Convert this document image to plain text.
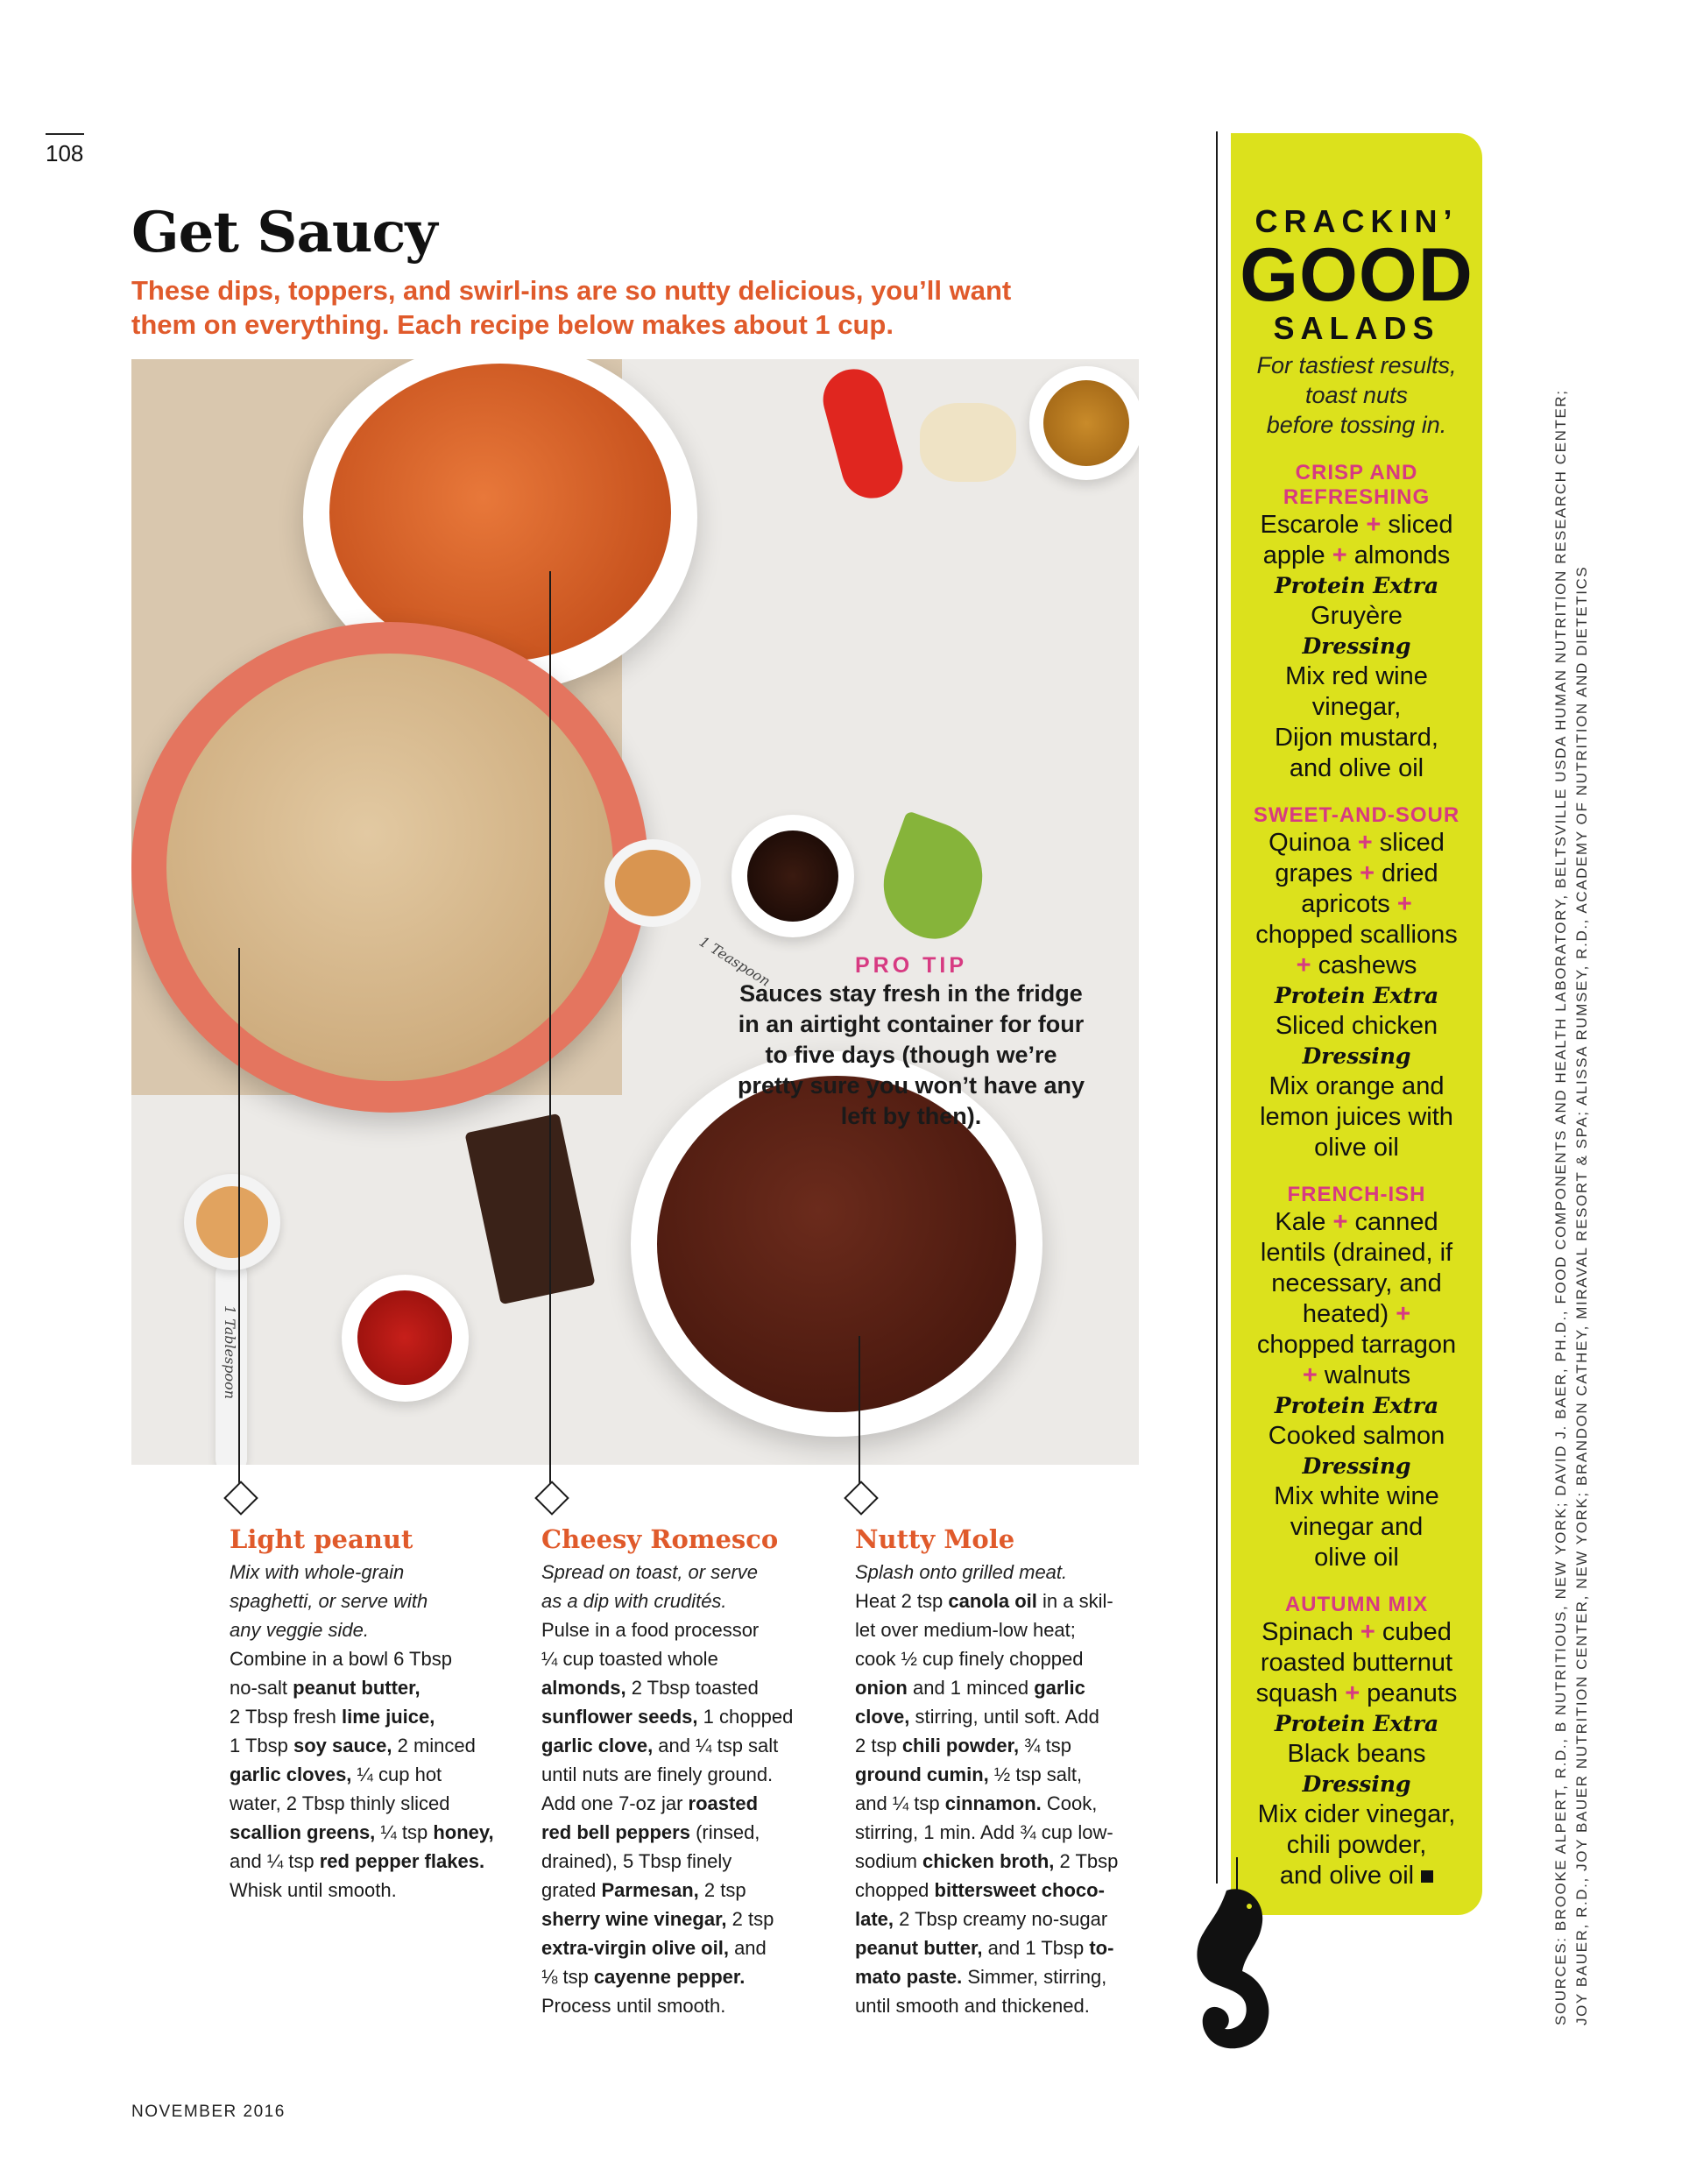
108
Get Saucy
These dips, toppers, and swirl-ins are so nutty delicious, you’ll want
them on everything. Each recipe below makes about 1 cup.
1 Teaspoon
1 Tablespoon
PRO TIP
Sauces stay fresh in the fridge
in an airtight container for four
to five days (though we’re
pretty sure you won’t have any
left by then).
Light peanut
Mix with whole-grain
spaghetti, or serve with
any veggie side.
Combine in a bowl 6 Tbsp
no-salt peanut butter,
2 Tbsp fresh lime juice,
1 Tbsp soy sauce, 2 minced
garlic cloves, ¼ cup hot
water, 2 Tbsp thinly sliced
scallion greens, ¼ tsp honey,
and ¼ tsp red pepper flakes.
Whisk until smooth.
Cheesy Romesco
Spread on toast, or serve
as a dip with crudités.
Pulse in a food processor
¼ cup toasted whole
almonds, 2 Tbsp toasted
sunflower seeds, 1 chopped
garlic clove, and ¼ tsp salt
until nuts are finely ground.
Add one 7-oz jar roasted
red bell peppers (rinsed,
drained), 5 Tbsp finely
grated Parmesan, 2 tsp
sherry wine vinegar, 2 tsp
extra-virgin olive oil, and
⅛ tsp cayenne pepper.
Process until smooth.
Nutty Mole
Splash onto grilled meat.
Heat 2 tsp canola oil in a skil-
let over medium-low heat;
cook ½ cup finely chopped
onion and 1 minced garlic
clove, stirring, until soft. Add
2 tsp chili powder, ¾ tsp
ground cumin, ½ tsp salt,
and ¼ tsp cinnamon. Cook,
stirring, 1 min. Add ¾ cup low-
sodium chicken broth, 2 Tbsp
chopped bittersweet choco-
late, 2 Tbsp creamy no-sugar
peanut butter, and 1 Tbsp to-
mato paste. Simmer, stirring,
until smooth and thickened.
CRACKIN’
GOOD
SALADS
For tastiest results,
toast nuts
before tossing in.
CRISP AND
REFRESHING
Escarole + sliced
apple + almonds
Protein Extra
Gruyère
Dressing
Mix red wine
vinegar,
Dijon mustard,
and olive oil
SWEET-AND-SOUR
Quinoa + sliced
grapes + dried
apricots +
chopped scallions
+ cashews
Protein Extra
Sliced chicken
Dressing
Mix orange and
lemon juices with
olive oil
FRENCH-ISH
Kale + canned
lentils (drained, if
necessary, and
heated) +
chopped tarragon
+ walnuts
Protein Extra
Cooked salmon
Dressing
Mix white wine
vinegar and
olive oil
AUTUMN MIX
Spinach + cubed
roasted butternut
squash + peanuts
Protein Extra
Black beans
Dressing
Mix cider vinegar,
chili powder,
and olive oil	SOURCES: BROOKE ALPERT, R.D., B NUTRITIOUS, NEW YORK; DAVID J. BAER, PH.D., FOOD COMPONENTS AND HEALTH LABORATORY, BELTSVILLE USDA HUMAN NUTRITION RESEARCH CENTER; JOY BAUER, R.D., JOY BAUER NUTRITION CENTER, NEW YORK; BRANDON CATHEY, MIRAVAL RESORT & SPA; ALISSA RUMSEY, R.D., ACADEMY OF NUTRITION AND DIETETICS
NOVEMBER 2016
